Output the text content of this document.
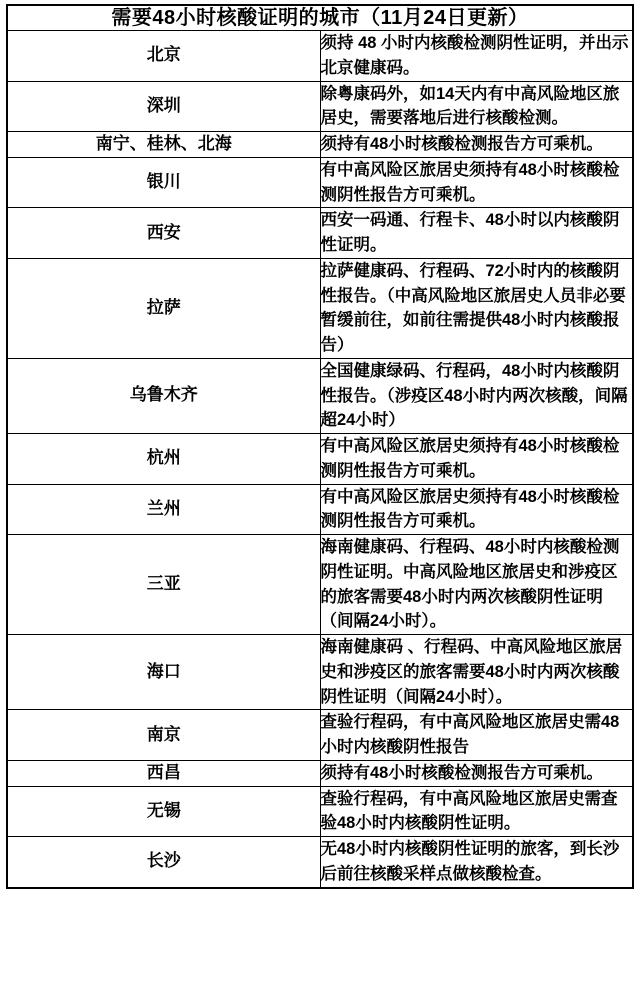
需要48小时核酸证明的城市（11月24日更新）	
北京	须持 48 小时内核酸检测阴性证明，并出示北京健康码。
深圳	除粤康码外，如14天内有中高风险地区旅居史，需要落地后进行核酸检测。
南宁、桂林、北海	须持有48小时核酸检测报告方可乘机。
银川	有中高风险区旅居史须持有48小时核酸检测阴性报告方可乘机。
西安	西安一码通、行程卡、48小时以内核酸阴性证明。
拉萨	拉萨健康码、行程码、72小时内的核酸阴性报告。（中高风险地区旅居史人员非必要暂缓前往，如前往需提供48小时内核酸报告）
乌鲁木齐	全国健康绿码、行程码，48小时内核酸阴性报告。（涉疫区48小时内两次核酸，间隔超24小时）
杭州	有中高风险区旅居史须持有48小时核酸检测阴性报告方可乘机。
兰州	有中高风险区旅居史须持有48小时核酸检测阴性报告方可乘机。
三亚	海南健康码、行程码、48小时内核酸检测阴性证明。中高风险地区旅居史和涉疫区的旅客需要48小时内两次核酸阴性证明（间隔24小时）。
海口	海南健康码 、行程码、中高风险地区旅居史和涉疫区的旅客需要48小时内两次核酸阴性证明（间隔24小时）。
南京	查验行程码，有中高风险地区旅居史需48小时内核酸阴性报告
西昌	须持有48小时核酸检测报告方可乘机。
无锡	查验行程码，有中高风险地区旅居史需查验48小时内核酸阴性证明。
长沙	无48小时内核酸阴性证明的旅客，到长沙后前往核酸采样点做核酸检查。
